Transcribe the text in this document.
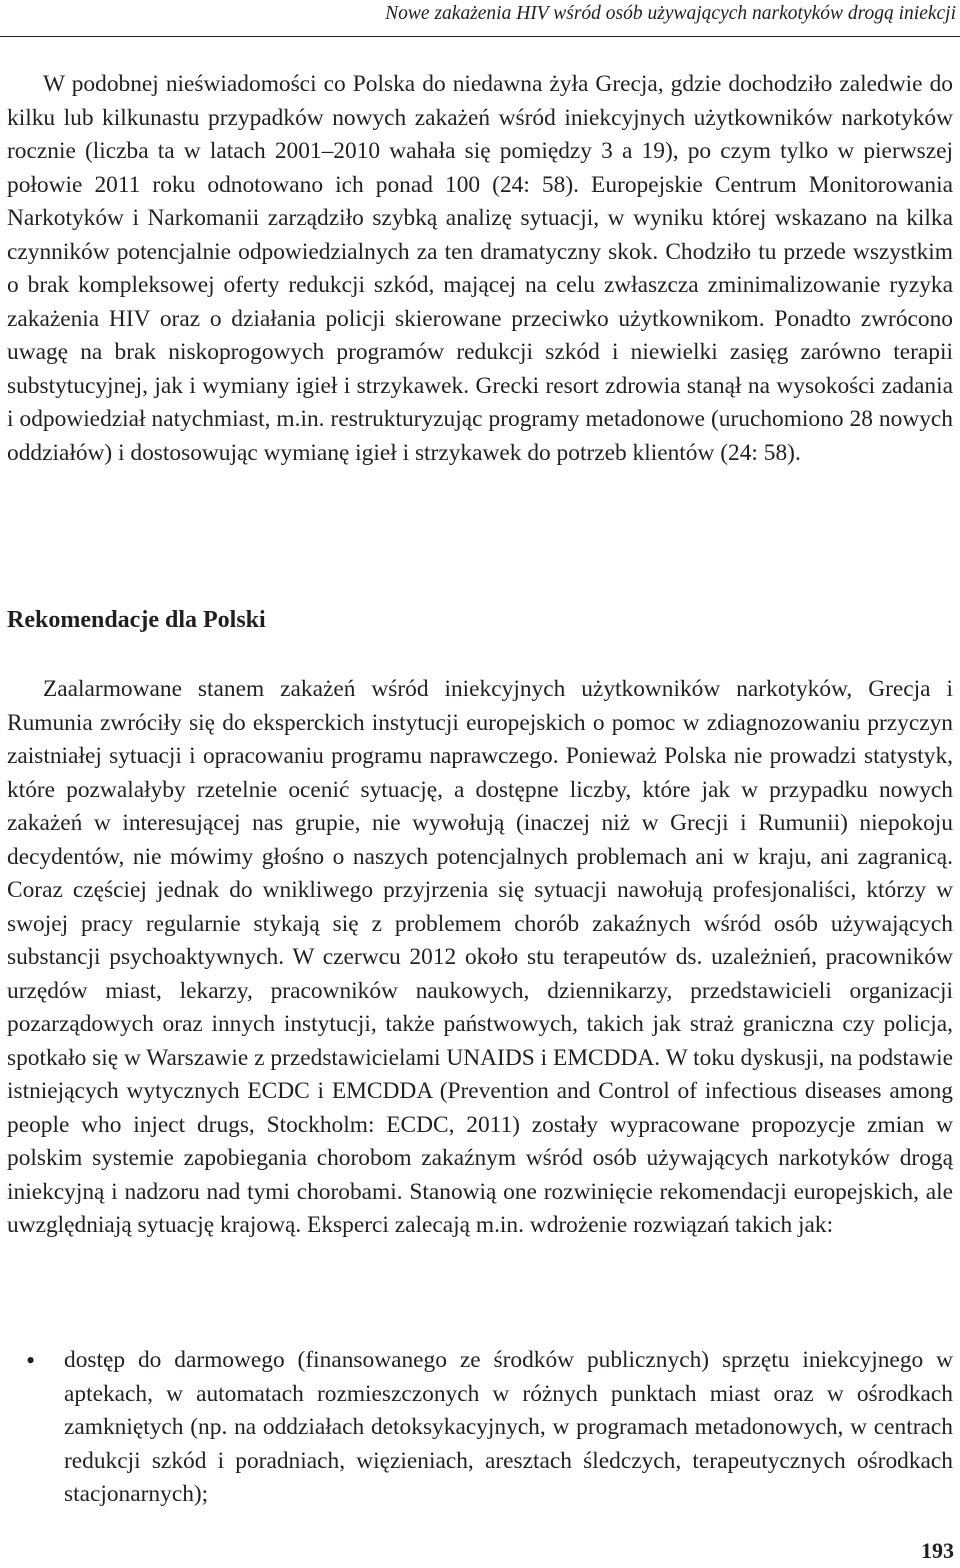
Nowe zakażenia HIV wśród osób używających narkotyków drogą iniekcji

W podobnej nieświadomości co Polska do niedawna żyła Grecja, gdzie dochodziło zaledwie do kilku lub kilkunastu przypadków nowych zakażeń wśród iniekcyjnych użytkowników narkotyków rocznie (liczba ta w latach 2001–2010 wahała się pomiędzy 3 a 19), po czym tylko w pierwszej połowie 2011 roku odnotowano ich ponad 100 (24: 58). Europejskie Centrum Monitorowania Narkotyków i Narkomanii zarządziło szybką analizę sytuacji, w wyniku której wskazano na kilka czynników potencjalnie odpowiedzialnych za ten dramatyczny skok. Chodziło tu przede wszystkim o brak kompleksowej oferty redukcji szkód, mającej na celu zwłaszcza zminimalizowanie ryzyka zakażenia HIV oraz o działania policji skierowane przeciwko użytkownikom. Ponadto zwrócono uwagę na brak niskoprogowych programów redukcji szkód i niewielki zasięg zarówno terapii substytucyjnej, jak i wymiany igieł i strzykawek. Grecki resort zdrowia stanął na wysokości zadania i odpowiedział natychmiast, m.in. restrukturyzując programy metadonowe (uruchomiono 28 nowych oddziałów) i dostosowując wymianę igieł i strzykawek do potrzeb klientów (24: 58).

Rekomendacje dla Polski

Zaalarmowane stanem zakażeń wśród iniekcyjnych użytkowników narkotyków, Grecja i Rumunia zwróciły się do eksperckich instytucji europejskich o pomoc w zdiagnozowaniu przyczyn zaistniałej sytuacji i opracowaniu programu naprawczego. Ponieważ Polska nie prowadzi statystyk, które pozwalałyby rzetelnie ocenić sytuację, a dostępne liczby, które jak w przypadku nowych zakażeń w interesującej nas grupie, nie wywołują (inaczej niż w Grecji i Rumunii) niepokoju decydentów, nie mówimy głośno o naszych potencjalnych problemach ani w kraju, ani zagranicą. Coraz częściej jednak do wnikliwego przyjrzenia się sytuacji nawołują profesjonaliści, którzy w swojej pracy regularnie stykają się z problemem chorób zakaźnych wśród osób używających substancji psychoaktywnych. W czerwcu 2012 około stu terapeutów ds. uzależnień, pracowników urzędów miast, lekarzy, pracowników naukowych, dziennikarzy, przedstawicieli organizacji pozarządowych oraz innych instytucji, także państwowych, takich jak straż graniczna czy policja, spotkało się w Warszawie z przedstawicielami UNAIDS i EMCDDA. W toku dyskusji, na podstawie istniejących wytycznych ECDC i EMCDDA (Prevention and Control of infectious diseases among people who inject drugs, Stockholm: ECDC, 2011) zostały wypracowane propozycje zmian w polskim systemie zapobiegania chorobom zakaźnym wśród osób używających narkotyków drogą iniekcyjną i nadzoru nad tymi chorobami. Stanowią one rozwinięcie rekomendacji europejskich, ale uwzględniają sytuację krajową. Eksperci zalecają m.in. wdrożenie rozwiązań takich jak:

• dostęp do darmowego (finansowanego ze środków publicznych) sprzętu iniekcyjnego w aptekach, w automatach rozmieszczonych w różnych punktach miast oraz w ośrodkach zamkniętych (np. na oddziałach detoksykacyjnych, w programach metadonowych, w centrach redukcji szkód i poradniach, więzieniach, aresztach śledczych, terapeutycznych ośrodkach stacjonarnych);
193
